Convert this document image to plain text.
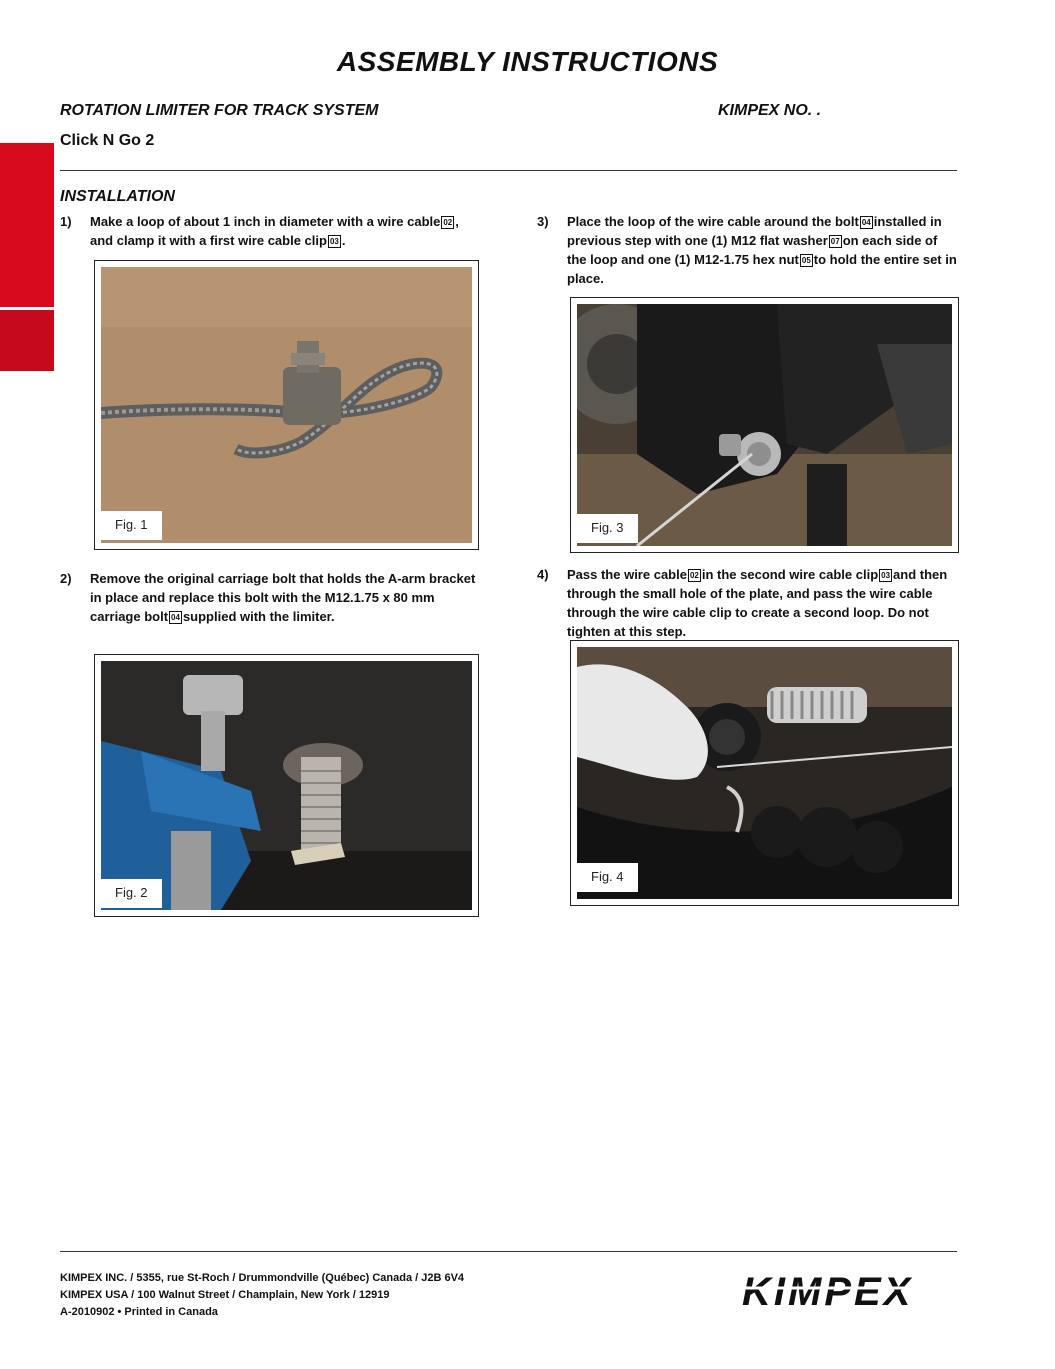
ASSEMBLY INSTRUCTIONS
ROTATION LIMITER FOR TRACK SYSTEM	KIMPEX NO. .
Click N Go 2
INSTALLATION
1) Make a loop of about 1 inch in diameter with a wire cable 02 , and clamp it with a first wire cable clip 03 .
Fig. 1
2) Remove the original carriage bolt that holds the A-arm bracket in place and replace this bolt with the M12.1.75 x 80 mm carriage bolt 04 supplied with the limiter.
Fig. 2
3) Place the loop of the wire cable around the bolt 04 installed in previous step with one (1) M12 flat washer 07 on each side of the loop and one (1) M12-1.75 hex nut 05 to hold the entire set in place.
Fig. 3
4) Pass the wire cable 02 in the second wire cable clip 03 and then through the small hole of the plate, and pass the wire cable through the wire cable clip to create a second loop. Do not tighten at this step.
Fig. 4
KIMPEX INC. / 5355, rue St-Roch / Drummondville (Québec) Canada / J2B 6V4
KIMPEX USA / 100 Walnut Street / Champlain, New York / 12919
A-2010902 • Printed in Canada	KIMPEX
